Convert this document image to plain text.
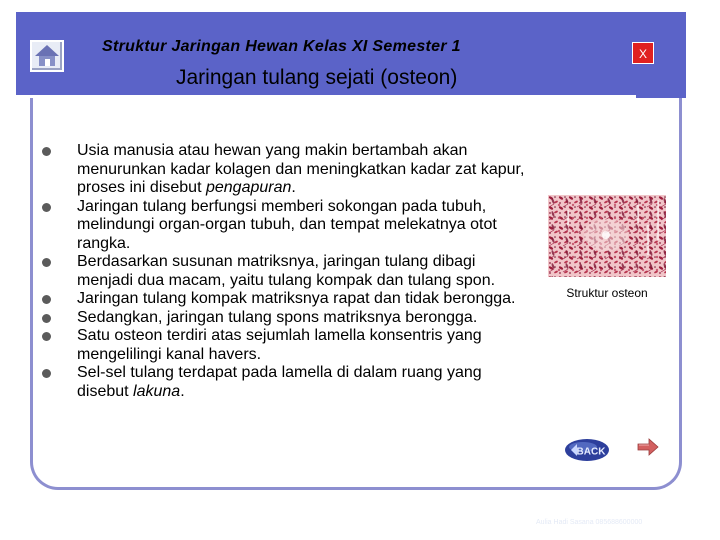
Struktur Jaringan Hewan Kelas XI Semester 1
Jaringan tulang sejati (osteon)
X
Usia manusia atau hewan yang makin bertambah akan menurunkan kadar kolagen dan meningkatkan kadar zat kapur, proses ini disebut pengapuran.
Jaringan tulang berfungsi memberi sokongan pada tubuh, melindungi organ-organ tubuh, dan tempat melekatnya otot rangka.
Berdasarkan susunan matriksnya, jaringan tulang dibagi menjadi dua macam, yaitu tulang kompak dan tulang spon.
Jaringan tulang kompak matriksnya rapat dan tidak berongga.
Sedangkan, jaringan tulang spons matriksnya berongga.
Satu osteon terdiri atas sejumlah lamella konsentris yang mengelilingi kanal havers.
Sel-sel tulang terdapat pada lamella di dalam ruang yang disebut lakuna.
Struktur osteon
BACK
Aulia Hadi Sasana 085688600000
